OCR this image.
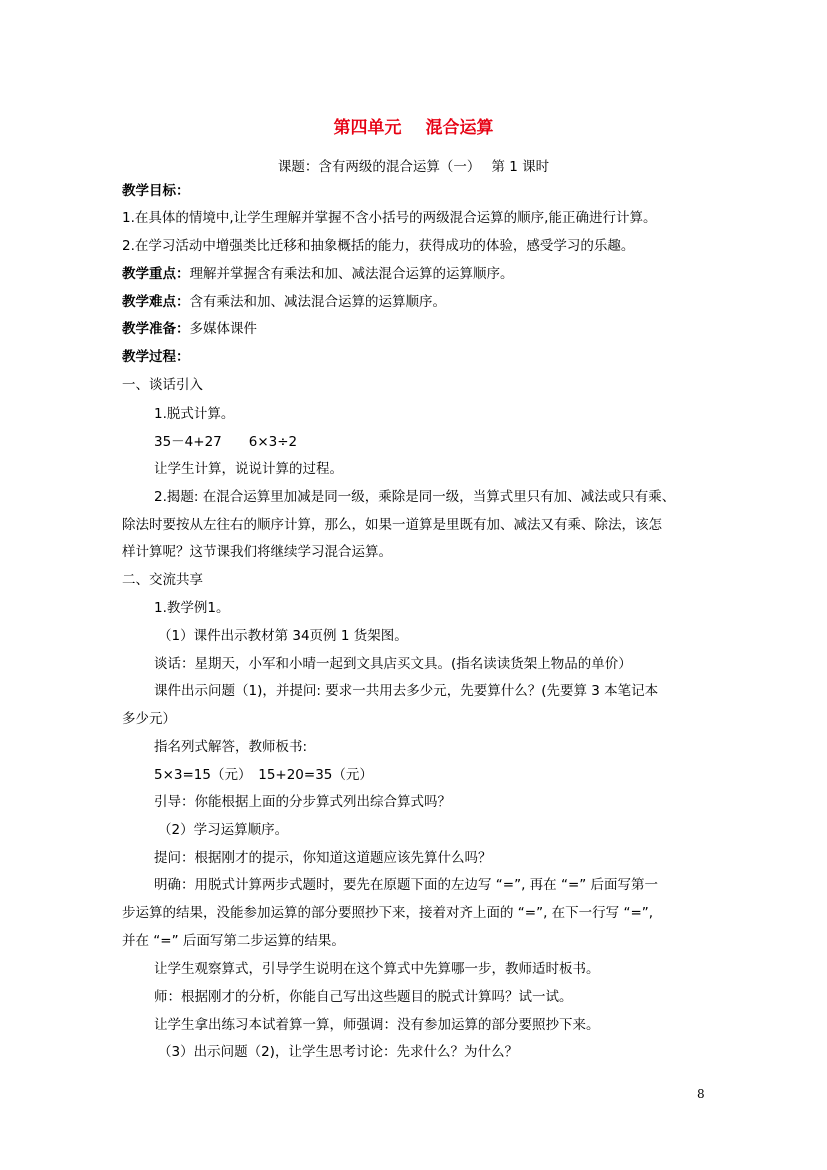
第四单元 混合运算
课题：含有两级的混合运算（一）　 第 1 课时
教学目标：
1.在具体的情境中,让学生理解并掌握不含小括号的两级混合运算的顺序,能正确进行计算。
2.在学习活动中增强类比迁移和抽象概括的能力，获得成功的体验，感受学习的乐趣。
教学重点：理解并掌握含有乘法和加、减法混合运算的运算顺序。
教学难点：含有乘法和加、减法混合运算的运算顺序。
教学准备：多媒体课件
教学过程：
一、谈话引入
1.脱式计算。
35－4+27　　6×3÷2
让学生计算，说说计算的过程。
2.揭题: 在混合运算里加减是同一级，乘除是同一级，当算式里只有加、减法或只有乘、
除法时要按从左往右的顺序计算，那么，如果一道算是里既有加、减法又有乘、除法，该怎
样计算呢？这节课我们将继续学习混合运算。
二、交流共享
1.教学例1。
（1）课件出示教材第 34页例 1 货架图。
谈话：星期天，小军和小晴一起到文具店买文具。(指名读读货架上物品的单价）
课件出示问题（1)，并提问: 要求一共用去多少元，先要算什么？(先要算 3 本笔记本
多少元）
指名列式解答，教师板书:
5×3=15（元）　15+20=35（元）
引导：你能根据上面的分步算式列出综合算式吗？
（2）学习运算顺序。
提问：根据刚才的提示，你知道这道题应该先算什么吗？
明确：用脱式计算两步式题时，要先在原题下面的左边写 “=”, 再在 “=” 后面写第一
步运算的结果，没能参加运算的部分要照抄下来，接着对齐上面的 “=”, 在下一行写 “=”,
并在 “=” 后面写第二步运算的结果。
让学生观察算式，引导学生说明在这个算式中先算哪一步，教师适时板书。
师：根据刚才的分析，你能自己写出这些题目的脱式计算吗？试一试。
让学生拿出练习本试着算一算，师强调：没有参加运算的部分要照抄下来。
（3）出示问题（2)，让学生思考讨论：先求什么？为什么？
8
